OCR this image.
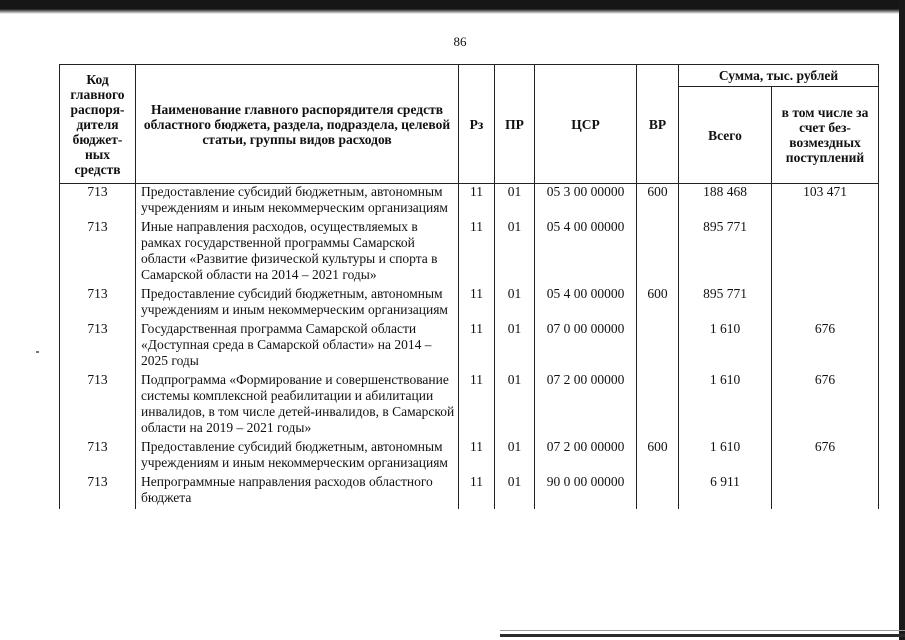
86
Код главного распоря-дителя бюджет-ных средств	Наименование главного распорядителя средств областного бюджета, раздела, подраздела, целевой статьи, группы видов расходов	Рз	ПР	ЦСР	ВР	Сумма, тыс. рублей	
						Всего	в том числе за счет без-возмездных поступлений
713	Предоставление субсидий бюджетным, автономным учреждениям и иным некоммерческим организациям	11	01	05 3 00 00000	600	188 468	103 471

713	Иные направления расходов, осуществляемых в рамках государственной программы Самарской области «Развитие физической культуры и спорта в Самарской области на 2014 – 2021 годы»	11	01	05 4 00 00000		895 771	

713	Предоставление субсидий бюджетным, автономным учреждениям и иным некоммерческим организациям	11	01	05 4 00 00000	600	895 771	

713	Государственная программа Самарской области «Доступная среда в Самарской области» на 2014 – 2025 годы	11	01	07 0 00 00000		1 610	676

713	Подпрограмма «Формирование и совершенствование системы комплексной реабилитации и абилитации инвалидов, в том числе детей-инвалидов, в Самарской области на 2019 – 2021 годы»	11	01	07 2 00 00000		1 610	676

713	Предоставление субсидий бюджетным, автономным учреждениям и иным некоммерческим организациям	11	01	07 2 00 00000	600	1 610	676

713	Непрограммные направления расходов областного бюджета	11	01	90 0 00 00000		6 911	
